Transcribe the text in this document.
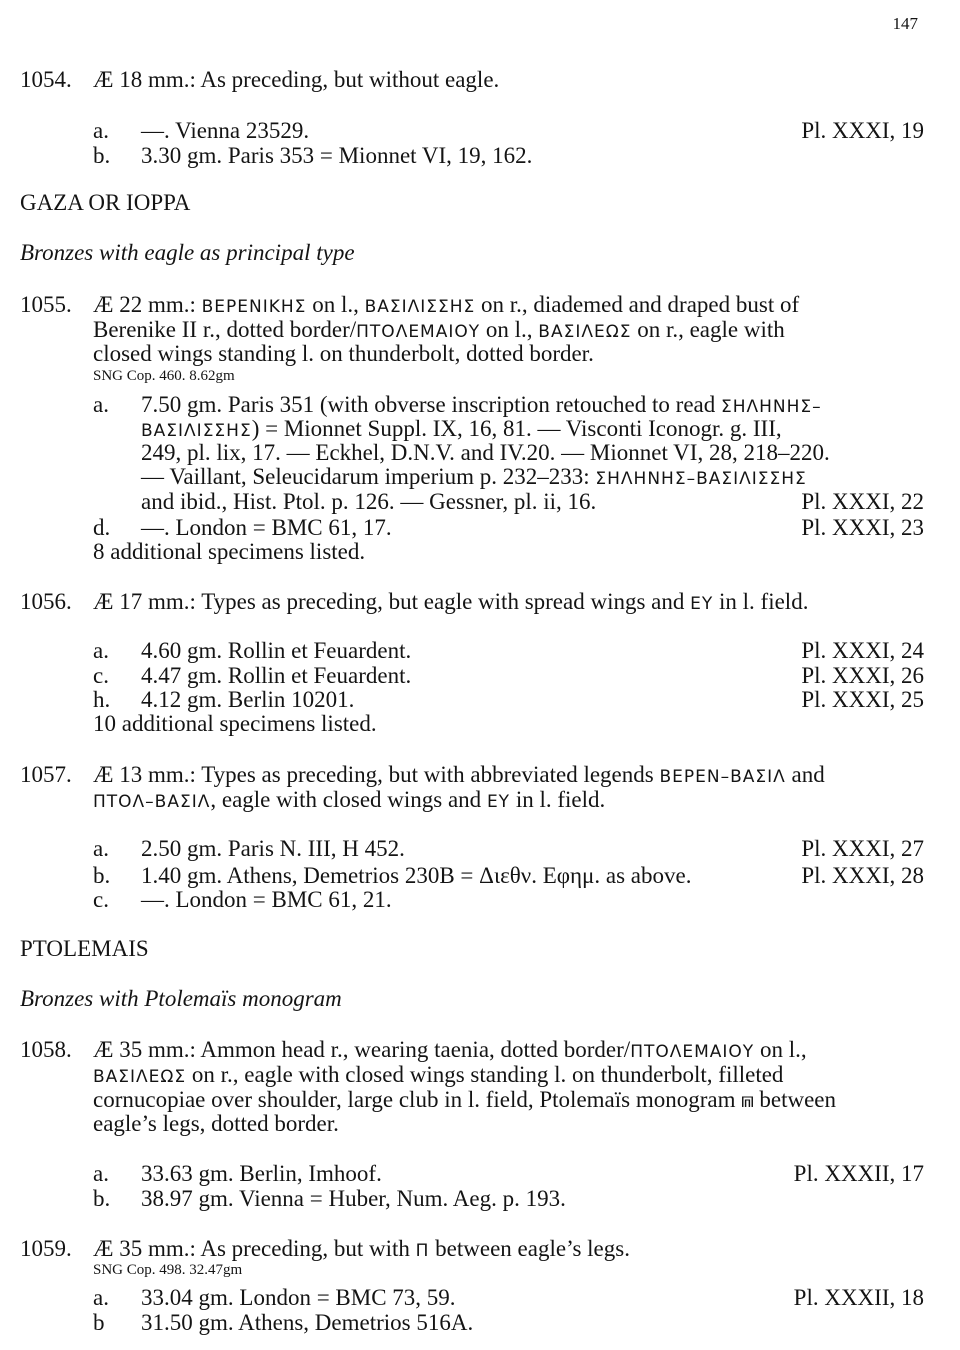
147
1054. Æ 18 mm.: As preceding, but without eagle.
a. —. Vienna 23529.	Pl. XXXI, 19
b. 3.30 gm. Paris 353 = Mionnet VI, 19, 162.
GAZA OR IOPPA
Bronzes with eagle as principal type
1055. Æ 22 mm.: ΒΕΡΕΝΙΚΗΣ on l., ΒΑΣΙΛΙΣΣΗΣ on r., diademed and draped bust of
Berenike II r., dotted border/ΠΤΟΛΕΜΑΙΟΥ on l., ΒΑΣΙΛΕΩΣ on r., eagle with
closed wings standing l. on thunderbolt, dotted border.
SNG Cop. 460. 8.62gm
a. 7.50 gm. Paris 351 (with obverse inscription retouched to read ΣΗΛΗΝΗΣ–
ΒΑΣΙΛΙΣΣΗΣ) = Mionnet Suppl. IX, 16, 81. — Visconti Iconogr. g. III,
249, pl. lix, 17. — Eckhel, D.N.V. and IV.20. — Mionnet VI, 28, 218–220.
— Vaillant, Seleucidarum imperium p. 232–233: ΣΗΛΗΝΗΣ–ΒΑΣΙΛΙΣΣΗΣ
and ibid., Hist. Ptol. p. 126. — Gessner, pl. ii, 16.	Pl. XXXI, 22
d. —. London = BMC 61, 17.	Pl. XXXI, 23
8 additional specimens listed.
1056. Æ 17 mm.: Types as preceding, but eagle with spread wings and ΕΥ in l. field.
a. 4.60 gm. Rollin et Feuardent.	Pl. XXXI, 24
c. 4.47 gm. Rollin et Feuardent.	Pl. XXXI, 26
h. 4.12 gm. Berlin 10201.	Pl. XXXI, 25
10 additional specimens listed.
1057. Æ 13 mm.: Types as preceding, but with abbreviated legends ΒΕΡΕΝ–ΒΑΣΙΛ and
ΠΤΟΛ–ΒΑΣΙΛ, eagle with closed wings and ΕΥ in l. field.
a. 2.50 gm. Paris N. III, H 452.	Pl. XXXI, 27
b. 1.40 gm. Athens, Demetrios 230B = Διεθν. Εφημ. as above.	Pl. XXXI, 28
c. —. London = BMC 61, 21.
PTOLEMAIS
Bronzes with Ptolemaïs monogram
1058. Æ 35 mm.: Ammon head r., wearing taenia, dotted border/ΠΤΟΛΕΜΑΙΟΥ on l.,
ΒΑΣΙΛΕΩΣ on r., eagle with closed wings standing l. on thunderbolt, filleted
cornucopiae over shoulder, large club in l. field, Ptolemaïs monogram ⩎ between
eagle’s legs, dotted border.
a. 33.63 gm. Berlin, Imhoof.	Pl. XXXII, 17
b. 38.97 gm. Vienna = Huber, Num. Aeg. p. 193.
1059. Æ 35 mm.: As preceding, but with Π between eagle’s legs.
SNG Cop. 498. 32.47gm
a. 33.04 gm. London = BMC 73, 59.	Pl. XXXII, 18
b 31.50 gm. Athens, Demetrios 516A.
